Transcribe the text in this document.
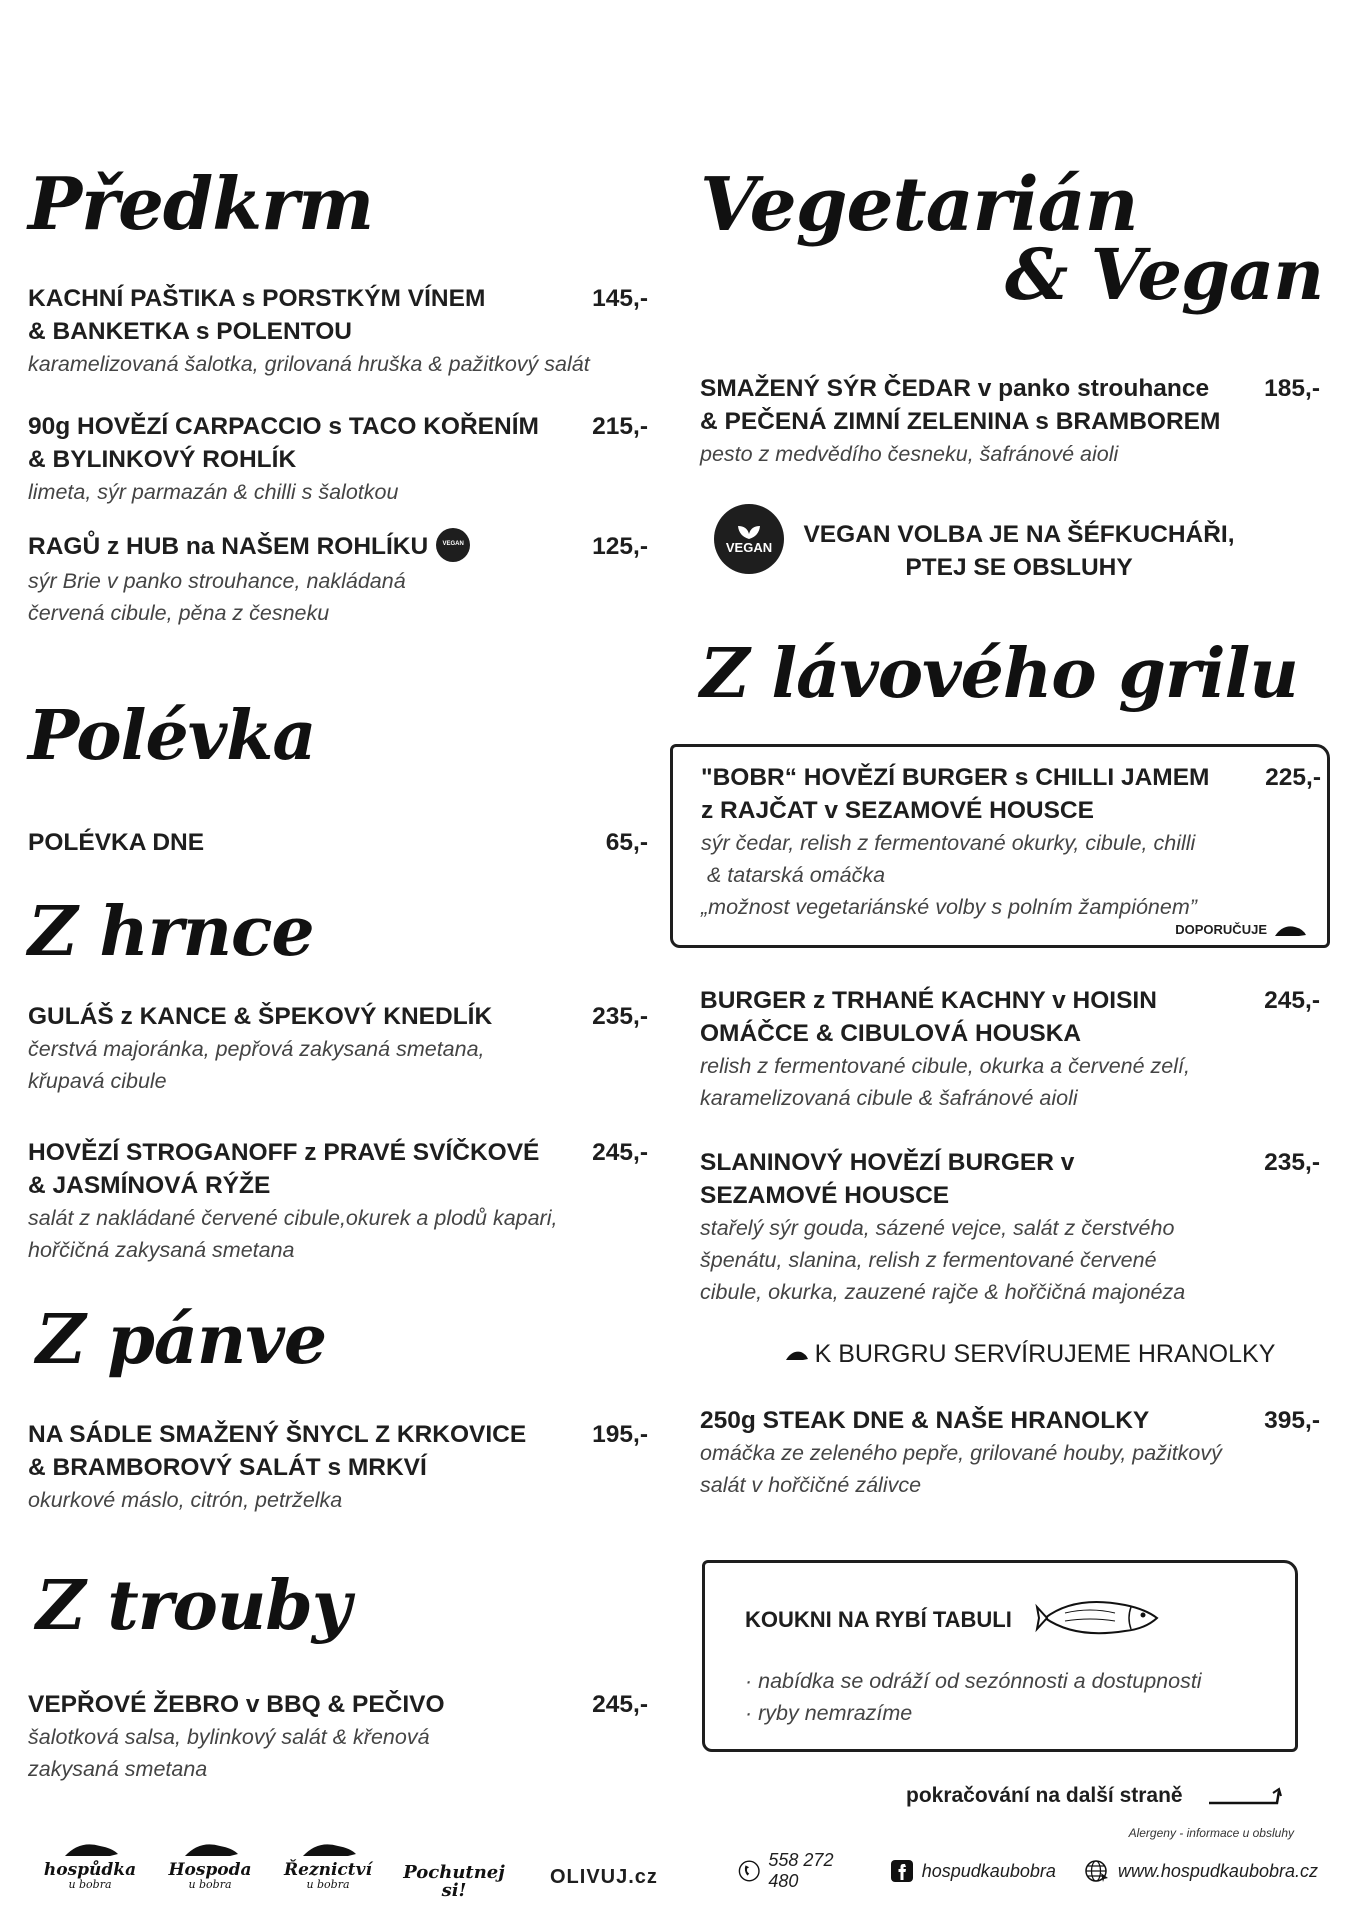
Předkrm
KACHNÍ PAŠTIKA s PORSTKÝM VÍNEM
& BANKETKA s POLENTOU
145,-
karamelizovaná šalotka, grilovaná hruška & pažitkový salát
90g HOVĚZÍ CARPACCIO s TACO KOŘENÍM
& BYLINKOVÝ ROHLÍK
215,-
limeta, sýr parmazán & chilli s šalotkou
RAGŮ z HUB na NAŠEM ROHLÍKU VEGAN	125,-
sýr Brie v panko strouhance, nakládaná
červená cibule, pěna z česneku
Polévka
POLÉVKA DNE	65,-
Z hrnce
GULÁŠ z KANCE & ŠPEKOVÝ KNEDLÍK	235,-
čerstvá majoránka, pepřová zakysaná smetana,
křupavá cibule
HOVĚZÍ STROGANOFF z PRAVÉ SVÍČKOVÉ
& JASMÍNOVÁ RÝŽE
245,-
salát z nakládané červené cibule,okurek a plodů kapari,
hořčičná zakysaná smetana
Z pánve
NA SÁDLE SMAŽENÝ ŠNYCL Z KRKOVICE
& BRAMBOROVÝ SALÁT s MRKVÍ
195,-
okurkové máslo, citrón, petrželka
Z trouby
VEPŘOVÉ ŽEBRO v BBQ & PEČIVO	245,-
šalotková salsa, bylinkový salát & křenová
zakysaná smetana
hospůdka
u bobra
Hospoda
u bobra
Řeznictví
u bobra
Pochutnej si!
OLIVUJ.cz
Vegetarián
& Vegan
SMAŽENÝ SÝR ČEDAR v panko strouhance
& PEČENÁ ZIMNÍ ZELENINA s BRAMBOREM
185,-
pesto z medvědího česneku, šafránové aioli
VEGAN	VEGAN VOLBA JE NA ŠÉFKUCHÁŘI,
PTEJ SE OBSLUHY
Z lávového grilu
"BOBR“ HOVĚZÍ BURGER s CHILLI JAMEM
z RAJČAT v SEZAMOVÉ HOUSCE
225,-
sýr čedar, relish z fermentované okurky, cibule, chilli
& tatarská omáčka
„možnost vegetariánské volby s polním žampiónem”
DOPORUČUJE
BURGER z TRHANÉ KACHNY v HOISIN
OMÁČCE & CIBULOVÁ HOUSKA
245,-
relish z fermentované cibule, okurka a červené zelí,
karamelizovaná cibule & šafránové aioli
SLANINOVÝ HOVĚZÍ BURGER v
SEZAMOVÉ HOUSCE
235,-
stařelý sýr gouda, sázené vejce, salát z čerstvého
špenátu, slanina, relish z fermentované červené
cibule, okurka, zauzené rajče & hořčičná majonéza
K BURGRU SERVÍRUJEME HRANOLKY
250g STEAK DNE & NAŠE HRANOLKY	395,-
omáčka ze zeleného pepře, grilované houby, pažitkový
salát v hořčičné zálivce
KOUKNI NA RYBÍ TABULI
· nabídka se odráží od sezónnosti a dostupnosti
· ryby nemrazíme
pokračování na další straně
Alergeny - informace u obsluhy
558 272 480
hospudkaubobra	www.hospudkaubobra.cz
